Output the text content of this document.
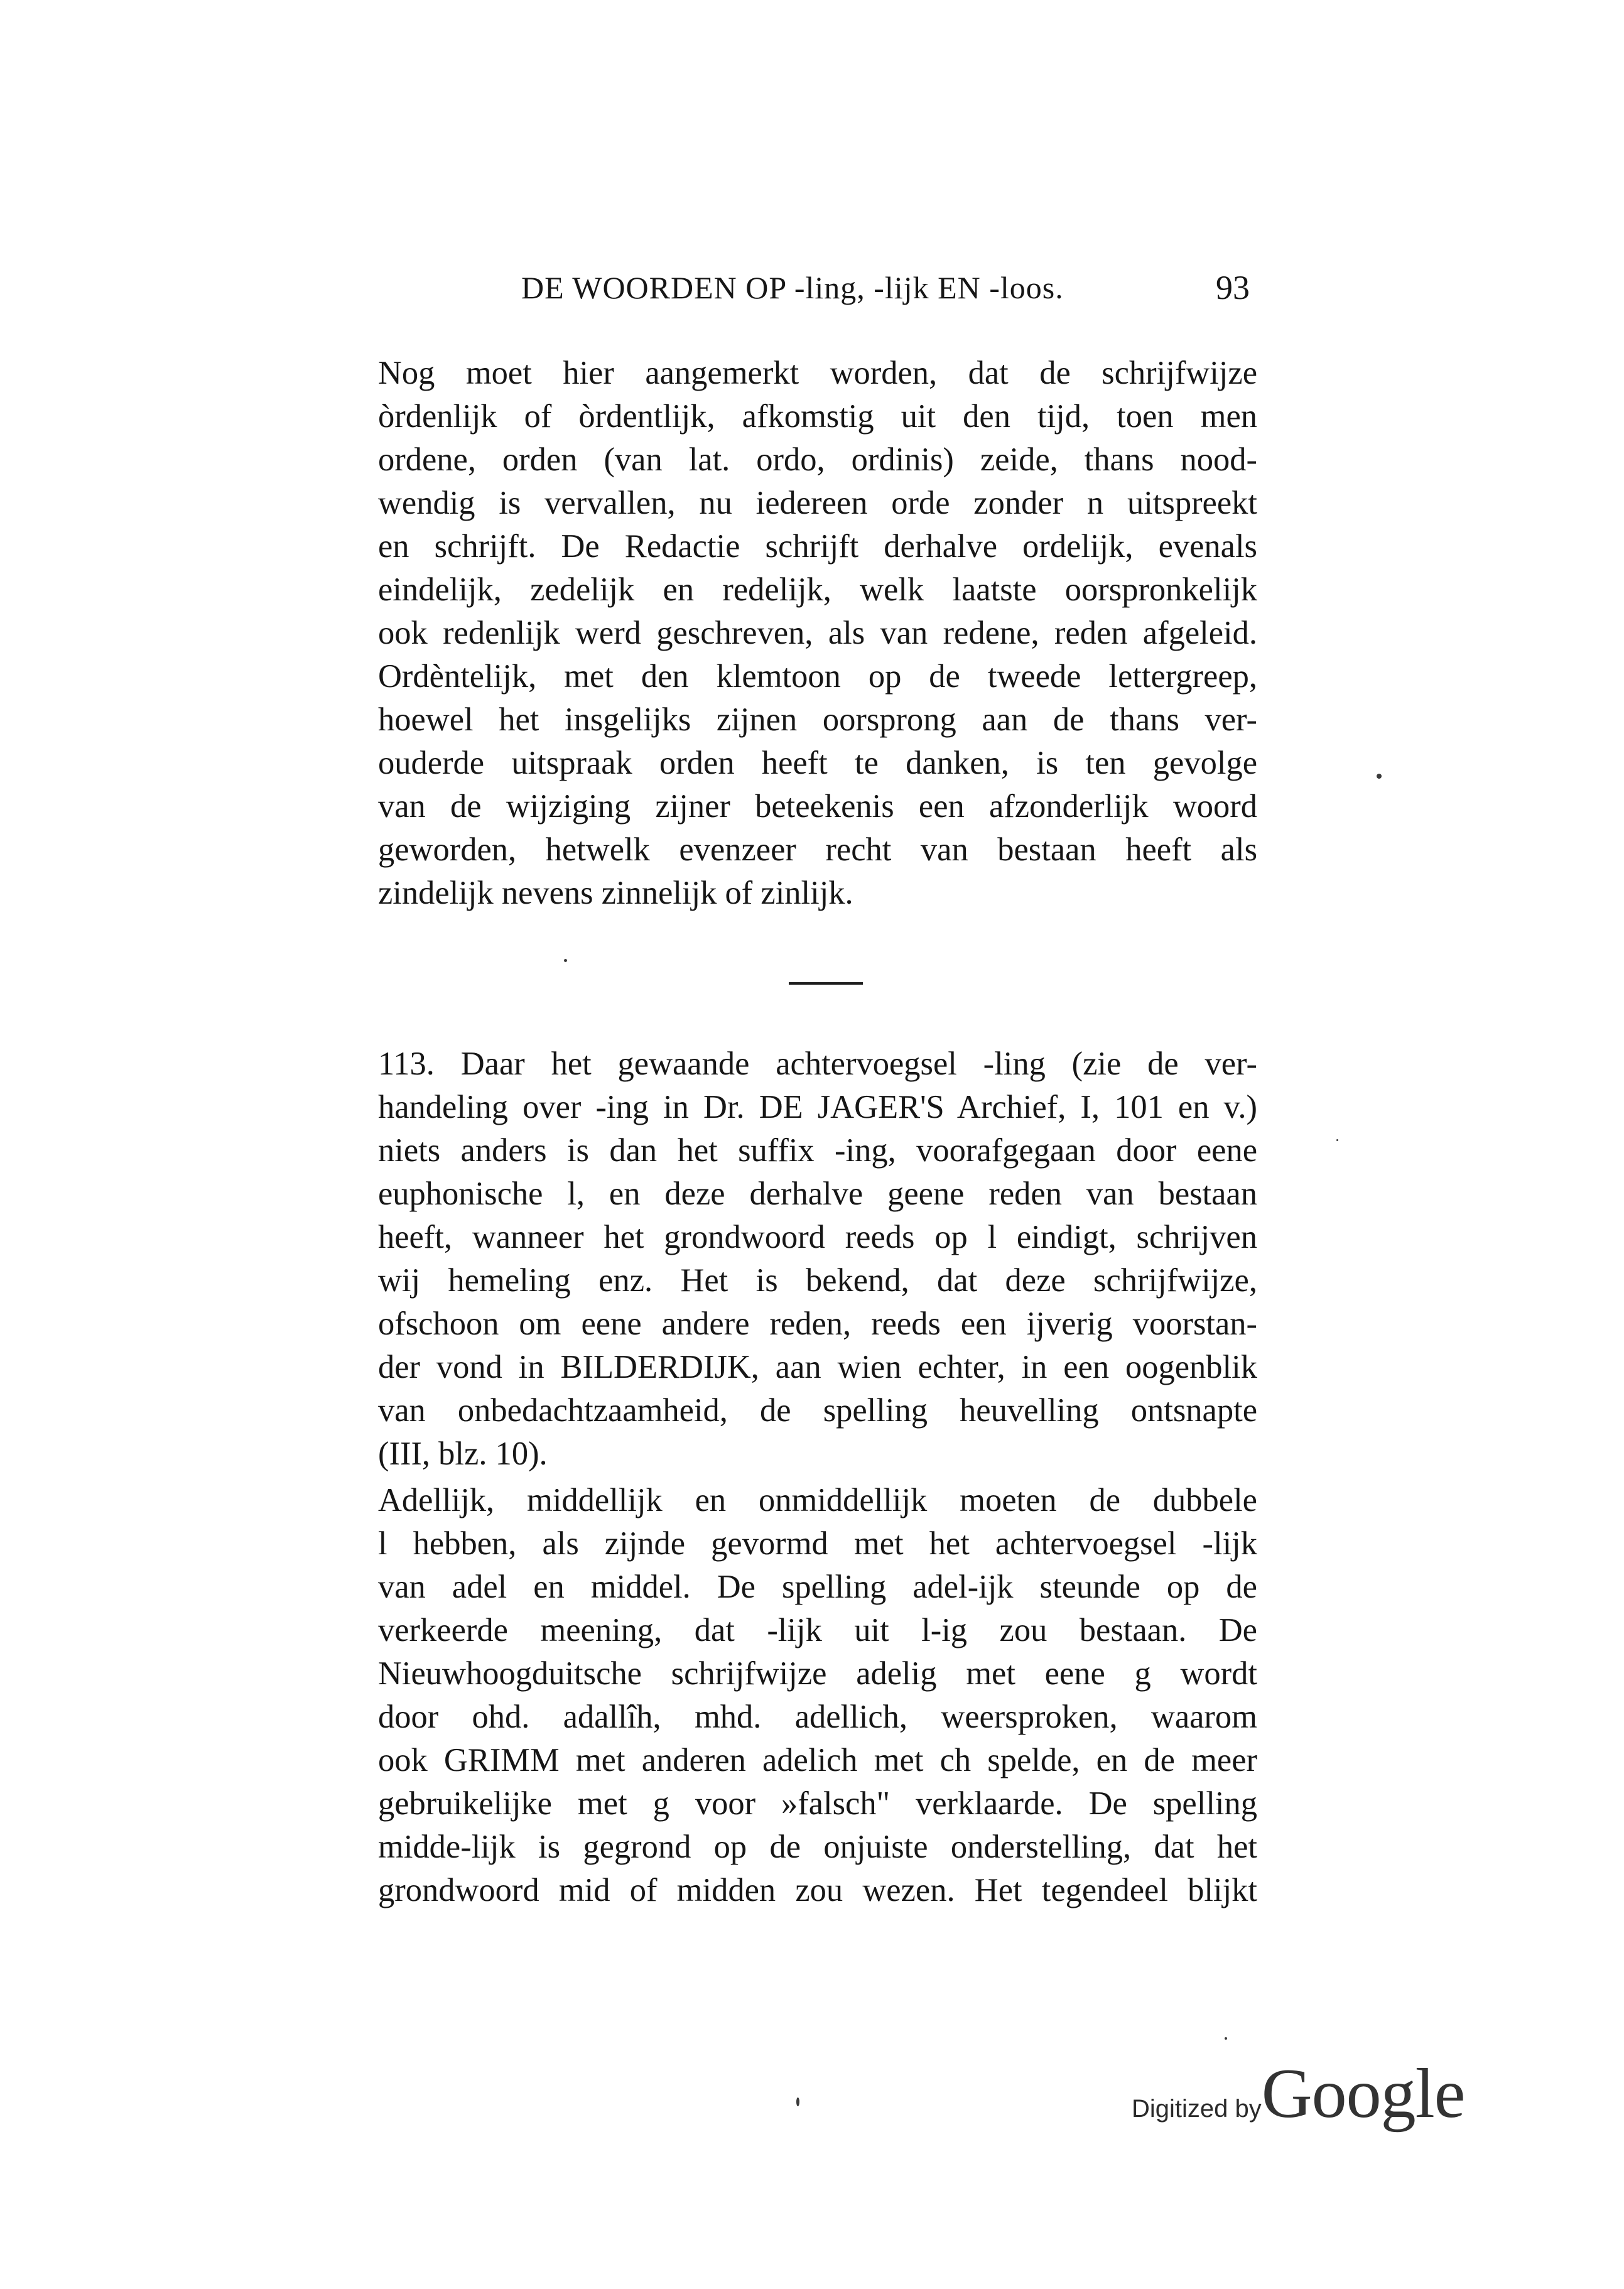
DE WOORDEN OP -ling, -lijk EN -loos.	93
Nog moet hier aangemerkt worden, dat de schrijfwijze
òrdenlijk of òrdentlijk, afkomstig uit den tijd, toen men
ordene, orden (van lat. ordo, ordinis) zeide, thans nood-
wendig is vervallen, nu iedereen orde zonder n uitspreekt
en schrijft. De Redactie schrijft derhalve ordelijk, evenals
eindelijk, zedelijk en redelijk, welk laatste oorspronkelijk
ook redenlijk werd geschreven, als van redene, reden afgeleid.
Ordèntelijk, met den klemtoon op de tweede lettergreep,
hoewel het insgelijks zijnen oorsprong aan de thans ver-
ouderde uitspraak orden heeft te danken, is ten gevolge
van de wijziging zijner beteekenis een afzonderlijk woord
geworden, hetwelk evenzeer recht van bestaan heeft als
zindelijk nevens zinnelijk of zinlijk.
113. Daar het gewaande achtervoegsel -ling (zie de ver-
handeling over -ing in Dr. DE JAGER'S Archief, I, 101 en v.)
niets anders is dan het suffix -ing, voorafgegaan door eene
euphonische l, en deze derhalve geene reden van bestaan
heeft, wanneer het grondwoord reeds op l eindigt, schrijven
wij hemeling enz. Het is bekend, dat deze schrijfwijze,
ofschoon om eene andere reden, reeds een ijverig voorstan-
der vond in BILDERDIJK, aan wien echter, in een oogenblik
van onbedachtzaamheid, de spelling heuvelling ontsnapte
(III, blz. 10).
Adellijk, middellijk en onmiddellijk moeten de dubbele
l hebben, als zijnde gevormd met het achtervoegsel -lijk
van adel en middel. De spelling adel-ijk steunde op de
verkeerde meening, dat -lijk uit l-ig zou bestaan. De
Nieuwhoogduitsche schrijfwijze adelig met eene g wordt
door ohd. adallîh, mhd. adellich, weersproken, waarom
ook GRIMM met anderen adelich met ch spelde, en de meer
gebruikelijke met g voor »falsch" verklaarde. De spelling
midde-lijk is gegrond op de onjuiste onderstelling, dat het
grondwoord mid of midden zou wezen. Het tegendeel blijkt
Digitized byGoogle
